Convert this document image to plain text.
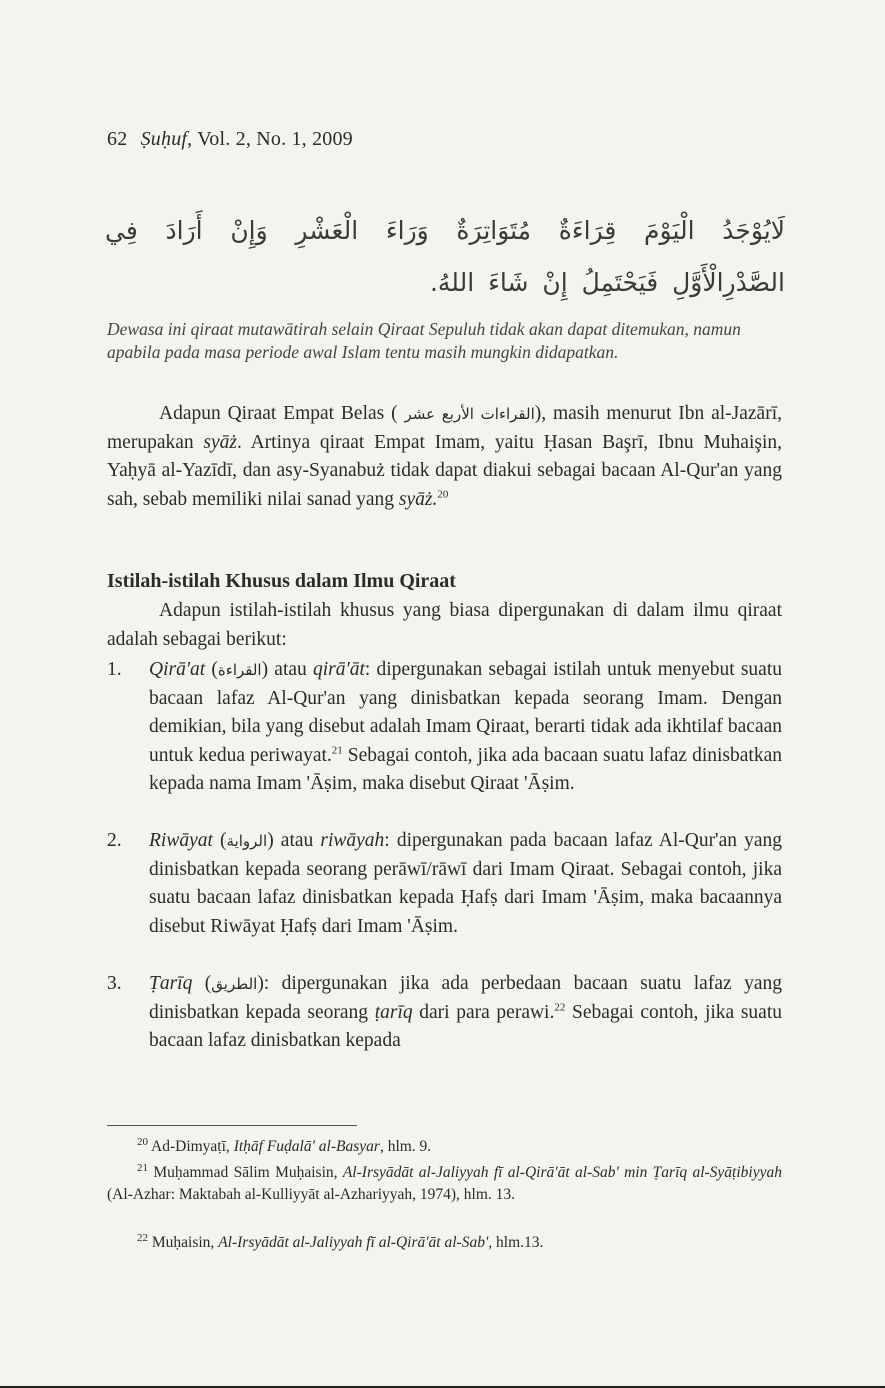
62 Ṣuḥuf, Vol. 2, No. 1, 2009
لَايُوْجَدُ الْيَوْمَ قِرَاءَةٌ مُتَوَاتِرَةٌ وَرَاءَ الْعَشْرِ وَإِنْ أَرَادَ فِي الصَّدْرِالْأَوَّلِ فَيَحْتَمِلُ إِنْ شَاءَ اللهُ.
Dewasa ini qiraat mutawātirah selain Qiraat Sepuluh tidak akan dapat ditemukan, namun apabila pada masa periode awal Islam tentu masih mungkin didapatkan.
Adapun Qiraat Empat Belas ( القراءات الأربع عشر), masih menurut Ibn al-Jazārī, merupakan syāż. Artinya qiraat Empat Imam, yaitu Ḥasan Başrī, Ibnu Muhaişin, Yaḥyā al-Yazīdī, dan asy-Syanabuż tidak dapat diakui sebagai bacaan Al-Qur'an yang sah, sebab memiliki nilai sanad yang syāż.$^{20}$
Istilah-istilah Khusus dalam Ilmu Qiraat
Adapun istilah-istilah khusus yang biasa dipergunakan di dalam ilmu qiraat adalah sebagai berikut:
1.	Qirā'at (القراءة) atau qirā'āt: dipergunakan sebagai istilah untuk menyebut suatu bacaan lafaz Al-Qur'an yang dinisbatkan kepada seorang Imam. Dengan demikian, bila yang disebut adalah Imam Qiraat, berarti tidak ada ikhtilaf bacaan untuk kedua periwayat.$^{21}$ Sebagai contoh, jika ada bacaan suatu lafaz dinisbatkan kepada nama Imam 'Āṣim, maka disebut Qiraat 'Āṣim.
2.	Riwāyat (الرواية) atau riwāyah: dipergunakan pada bacaan lafaz Al-Qur'an yang dinisbatkan kepada seorang perāwī/rāwī dari Imam Qiraat. Sebagai contoh, jika suatu bacaan lafaz dinisbatkan kepada Ḥafṣ dari Imam 'Āṣim, maka bacaannya disebut Riwāyat Ḥafṣ dari Imam 'Āṣim.
3.	Ṭarīq (الطريق): dipergunakan jika ada perbedaan bacaan suatu lafaz yang dinisbatkan kepada seorang ṭarīq dari para perawi.$^{22}$ Sebagai contoh, jika suatu bacaan lafaz dinisbatkan kepada
$^{20}$ Ad-Dimyaṭī, Itḥāf Fuḍalā' al-Basyar, hlm. 9.
$^{21}$ Muḥammad Sālim Muḥaisin, Al-Irsyādāt al-Jaliyyah fī al-Qirā'āt al-Sab' min Ṭarīq al-Syāṭibiyyah (Al-Azhar: Maktabah al-Kulliyyāt al-Azhariyyah, 1974), hlm. 13.
$^{22}$ Muḥaisin, Al-Irsyādāt al-Jaliyyah fī al-Qirā'āt al-Sab', hlm.13.
